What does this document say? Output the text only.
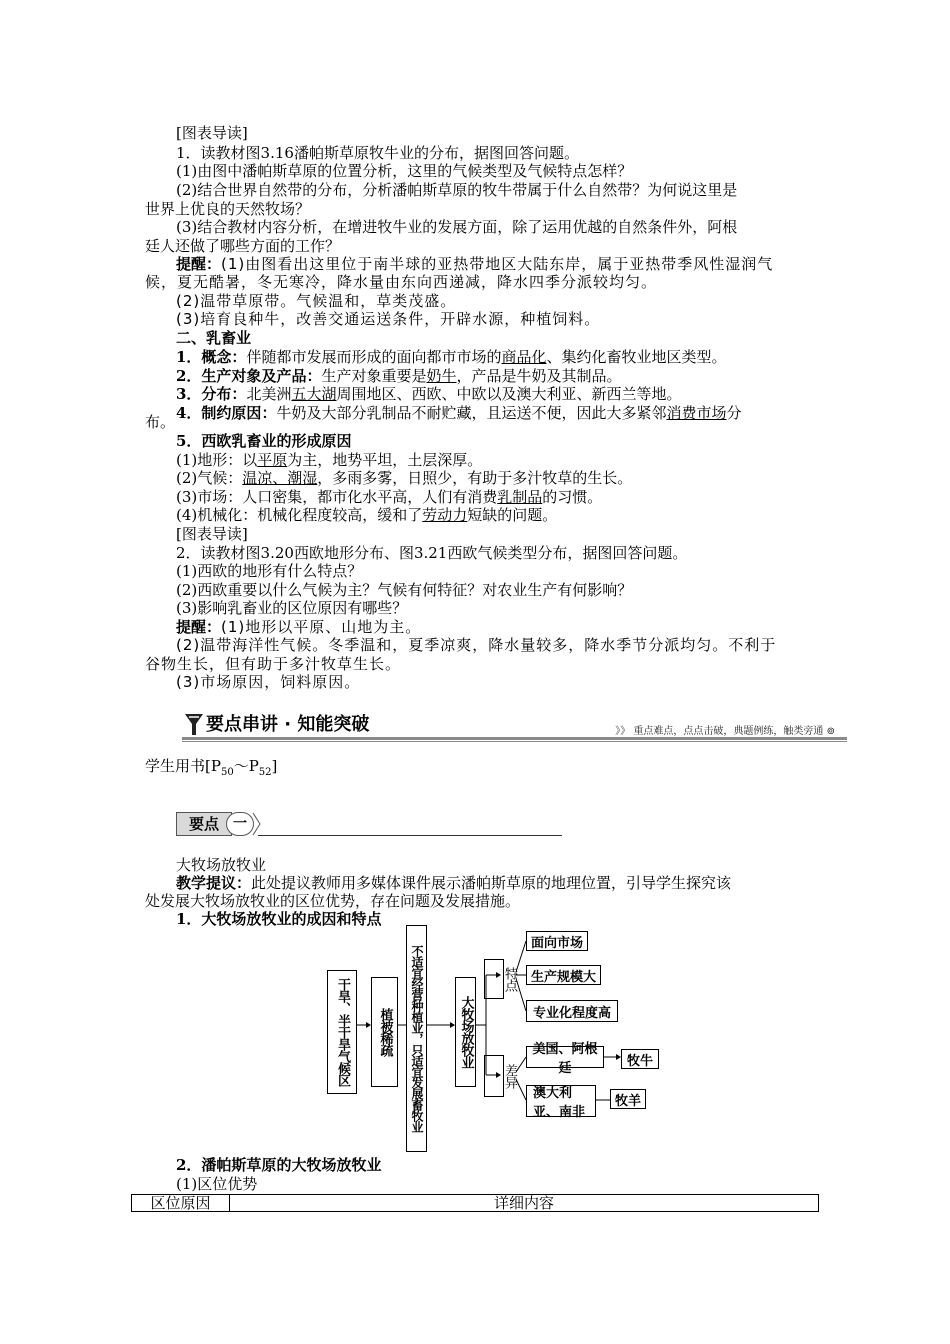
[图表导读]
1．读教材图3.16潘帕斯草原牧牛业的分布，据图回答问题。
(1)由图中潘帕斯草原的位置分析，这里的气候类型及气候特点怎样？
(2)结合世界自然带的分布，分析潘帕斯草原的牧牛带属于什么自然带？为何说这里是
世界上优良的天然牧场？
(3)结合教材内容分析，在增进牧牛业的发展方面，除了运用优越的自然条件外，阿根
廷人还做了哪些方面的工作？
提醒：(1)由图看出这里位于南半球的亚热带地区大陆东岸，属于亚热带季风性湿润气
候，夏无酷暑，冬无寒冷，降水量由东向西递减，降水四季分派较均匀。
(2)温带草原带。气候温和，草类茂盛。
(3)培育良种牛，改善交通运送条件，开辟水源，种植饲料。
二、乳畜业
1．概念：伴随都市发展而形成的面向都市市场的商品化、集约化畜牧业地区类型。
2．生产对象及产品：生产对象重要是奶牛，产品是牛奶及其制品。
3．分布：北美洲五大湖周围地区、西欧、中欧以及澳大利亚、新西兰等地。
4．制约原因：牛奶及大部分乳制品不耐贮藏，且运送不便，因此大多紧邻消费市场分
布。
5．西欧乳畜业的形成原因
(1)地形：以平原为主，地势平坦，土层深厚。
(2)气候：温凉、潮湿，多雨多雾，日照少，有助于多汁牧草的生长。
(3)市场：人口密集，都市化水平高，人们有消费乳制品的习惯。
(4)机械化：机械化程度较高，缓和了劳动力短缺的问题。
[图表导读]
2．读教材图3.20西欧地形分布、图3.21西欧气候类型分布，据图回答问题。
(1)西欧的地形有什么特点？
(2)西欧重要以什么气候为主？气候有何特征？对农业生产有何影响？
(3)影响乳畜业的区位原因有哪些？
提醒：(1)地形以平原、山地为主。
(2)温带海洋性气候。冬季温和，夏季凉爽，降水量较多，降水季节分派均匀。不利于
谷物生长，但有助于多汁牧草生长。
(3)市场原因，饲料原因。
要点串讲 · 知能突破	》》 重点难点，点点击破，典题例练，触类旁通 ⊚
学生用书$[P_{50}\sim P_{52}]$
要点	一
大牧场放牧业
教学提议：此处提议教师用多媒体课件展示潘帕斯草原的地理位置，引导学生探究该
处发展大牧场放牧业的区位优势，存在问题及发展措施。
1．大牧场放牧业的成因和特点
干旱、半干旱气候区	植被稀疏	不适宜经营种植业，只适宜发展畜牧业	大牧场放牧业
特点
差异
面向市场
生产规模大
专业化程度高
美国、阿根廷
澳大利亚、南非
牧牛
牧羊
2．潘帕斯草原的大牧场放牧业
(1)区位优势
区位原因	详细内容
